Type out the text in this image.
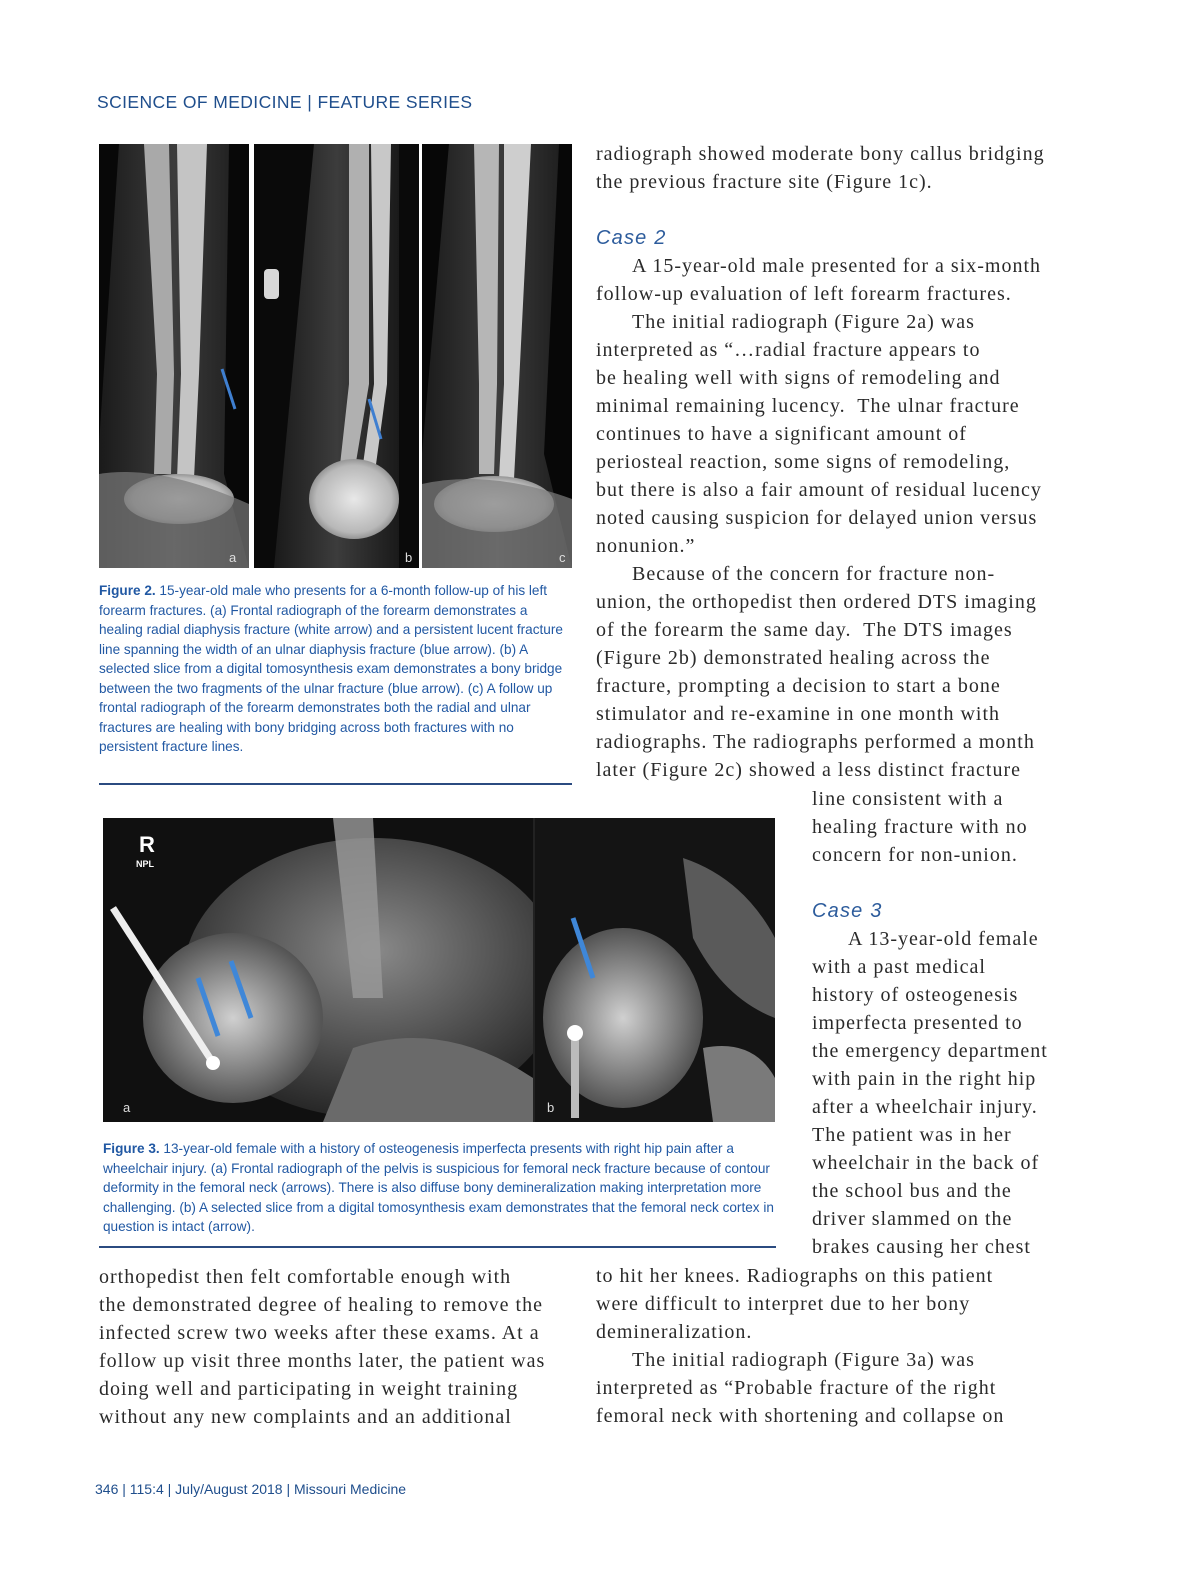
SCIENCE OF MEDICINE | FEATURE SERIES
a	b	c
Figure 2. 15-year-old male who presents for a 6-month follow-up of his left forearm fractures. (a) Frontal radiograph of the forearm demonstrates a healing radial diaphysis fracture (white arrow) and a persistent lucent fracture line spanning the width of an ulnar diaphysis fracture (blue arrow). (b) A selected slice from a digital tomosynthesis exam demonstrates a bony bridge between the two fragments of the ulnar fracture (blue arrow). (c) A follow up frontal radiograph of the forearm demonstrates both the radial and ulnar fractures are healing with bony bridging across both fractures with no persistent fracture lines.
R
NPL
a	b
Figure 3. 13-year-old female with a history of osteogenesis imperfecta presents with right hip pain after a wheelchair injury. (a) Frontal radiograph of the pelvis is suspicious for femoral neck fracture because of contour deformity in the femoral neck (arrows). There is also diffuse bony demineralization making interpretation more challenging. (b) A selected slice from a digital tomosynthesis exam demonstrates that the femoral neck cortex in question is intact (arrow).

radiograph showed moderate bony callus bridging

the previous fracture site (Figure 1c).

Case 2

A 15-year-old male presented for a six-month

follow-up evaluation of left forearm fractures.

The initial radiograph (Figure 2a) was

interpreted as “…radial fracture appears to

be healing well with signs of remodeling and

minimal remaining lucency.  The ulnar fracture

continues to have a significant amount of

periosteal reaction, some signs of remodeling,

but there is also a fair amount of residual lucency

noted causing suspicion for delayed union versus

nonunion.”

Because of the concern for fracture non-

union, the orthopedist then ordered DTS imaging

of the forearm the same day.  The DTS images

(Figure 2b) demonstrated healing across the

fracture, prompting a decision to start a bone

stimulator and re-examine in one month with

radiographs. The radiographs performed a month

later (Figure 2c) showed a less distinct fracture

line consistent with a

healing fracture with no

concern for non-union.

Case 3

A 13-year-old female

with a past medical

history of osteogenesis

imperfecta presented to

the emergency department

with pain in the right hip

after a wheelchair injury.

The patient was in her

wheelchair in the back of

the school bus and the

driver slammed on the

brakes causing her chest

to hit her knees. Radiographs on this patient

were difficult to interpret due to her bony

demineralization.

The initial radiograph (Figure 3a) was

interpreted as “Probable fracture of the right

femoral neck with shortening and collapse on

orthopedist then felt comfortable enough with

the demonstrated degree of healing to remove the

infected screw two weeks after these exams. At a

follow up visit three months later, the patient was

doing well and participating in weight training

without any new complaints and an additional

346 | 115:4 | July/August 2018 | Missouri Medicine
